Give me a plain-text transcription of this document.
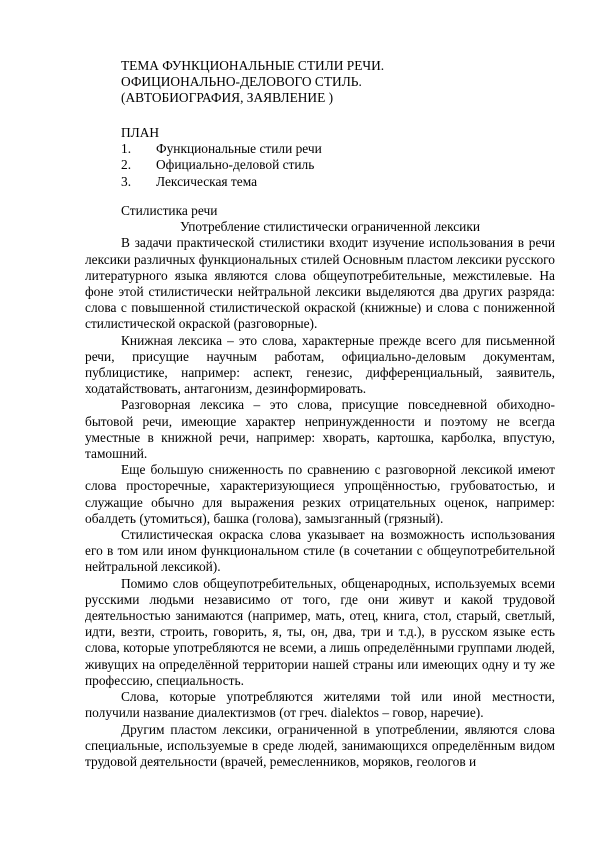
ТЕМА ФУНКЦИОНАЛЬНЫЕ СТИЛИ РЕЧИ.
ОФИЦИОНАЛЬНО-ДЕЛОВОГО СТИЛЬ.
(АВТОБИОГРАФИЯ, ЗАЯВЛЕНИЕ )
ПЛАН
1.	Функциональные стили речи
2.	Официально-деловой стиль
3.	Лексическая тема
Стилистика речи
Употребление стилистически ограниченной лексики

В задачи практической стилистики входит изучение использования в речи лексики различных функциональных стилей Основным пластом лексики русского литературного языка являются слова общеупотребительные, межстилевые. На фоне этой стилистически нейтральной лексики выделяются два других разряда: слова с повышенной стилистической окраской (книжные) и слова с пониженной стилистической окраской (разговорные).

Книжная лексика – это слова, характерные прежде всего для письменной речи, присущие научным работам, официально-деловым документам, публицистике, например: аспект, генезис, дифференциальный, заявитель, ходатайствовать, антагонизм, дезинформировать.

Разговорная лексика – это слова, присущие повседневной обиходно-бытовой речи, имеющие характер непринужденности и поэтому не всегда уместные в книжной речи, например: хворать, картошка, карболка, впустую, тамошний.

Еще большую сниженность по сравнению с разговорной лексикой имеют слова просторечные, характеризующиеся упрощённостью, грубоватостью, и служащие обычно для выражения резких отрицательных оценок, например: обалдеть (утомиться), башка (голова), замызганный (грязный).

Стилистическая окраска слова указывает на возможность использования его в том или ином функциональном стиле (в сочетании с общеупотребительной нейтральной лексикой).

Помимо слов общеупотребительных, общенародных, используемых всеми русскими людьми независимо от того, где они живут и какой трудовой деятельностью занимаются (например, мать, отец, книга, стол, старый, светлый, идти, везти, строить, говорить, я, ты, он, два, три и т.д.), в русском языке есть слова, которые употребляются не всеми, а лишь определёнными группами людей, живущих на определённой территории нашей страны или имеющих одну и ту же профессию, специальность.

Слова, которые употребляются жителями той или иной местности, получили название диалектизмов (от греч. dialektos – говор, наречие).

Другим пластом лексики, ограниченной в употреблении, являются слова специальные, используемые в среде людей, занимающихся определённым видом трудовой деятельности (врачей, ремесленников, моряков, геологов и
